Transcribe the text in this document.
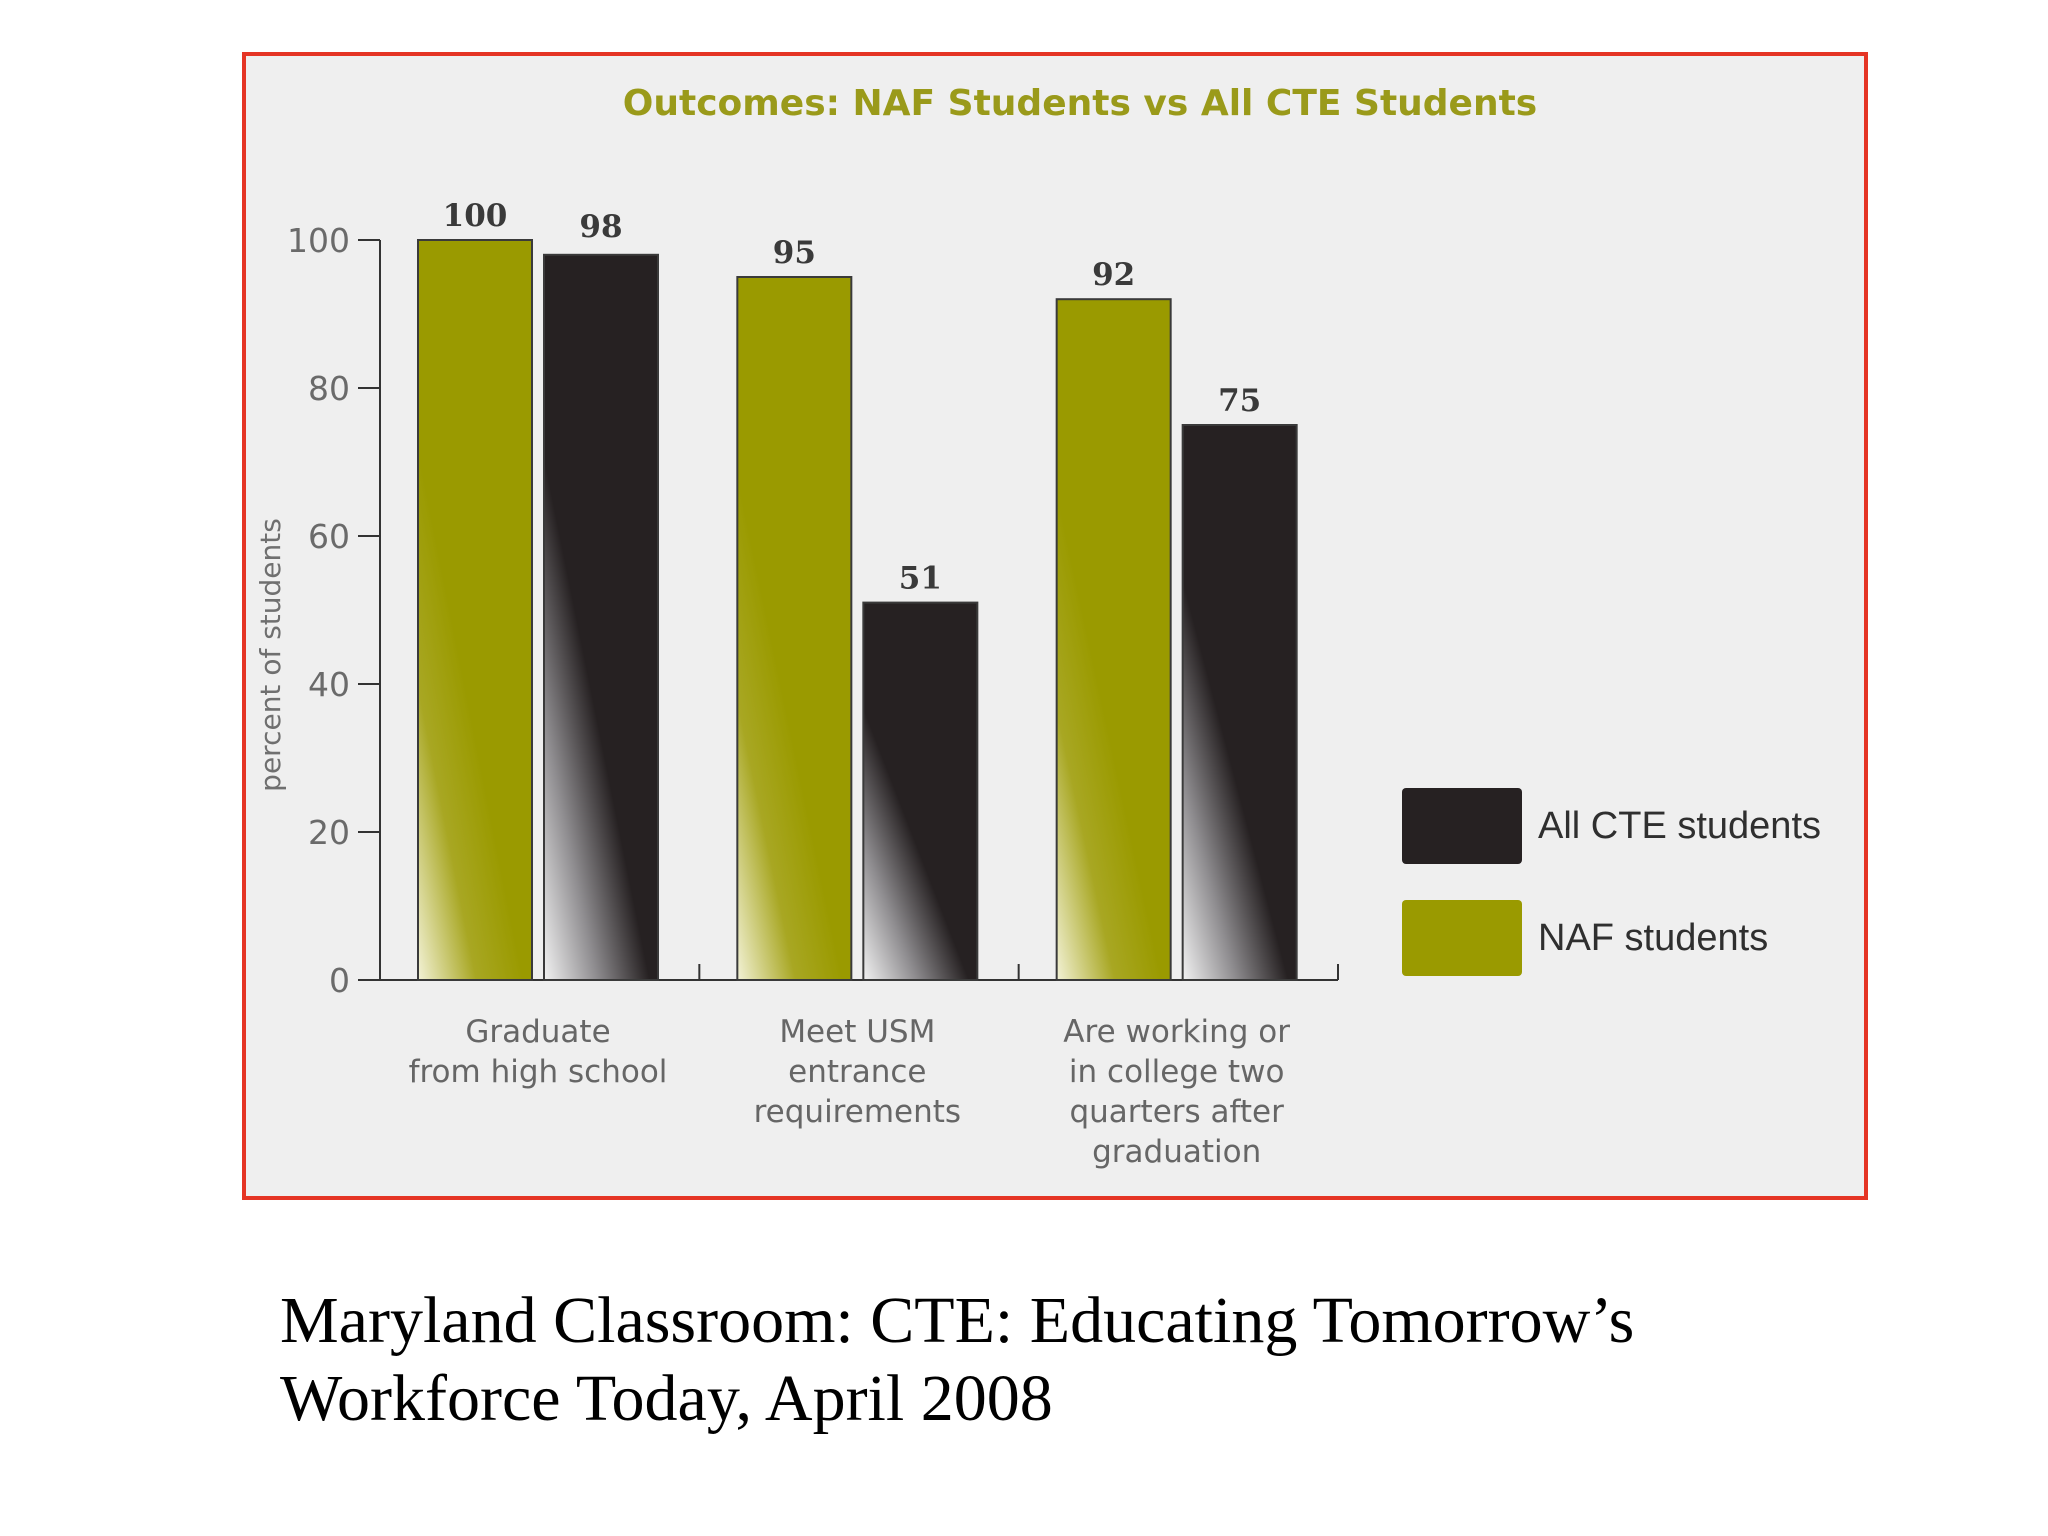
Outcomes: NAF Students vs All CTE Students
percent of students
0
20
40
60
80
100
100
95
92
98
51
75
Graduate from high school
Meet USM entrance requirements
Are working or in college two quarters after graduation
All CTE students
NAF students
Maryland Classroom: CTE: Educating Tomorrow’s
Workforce Today, April 2008
